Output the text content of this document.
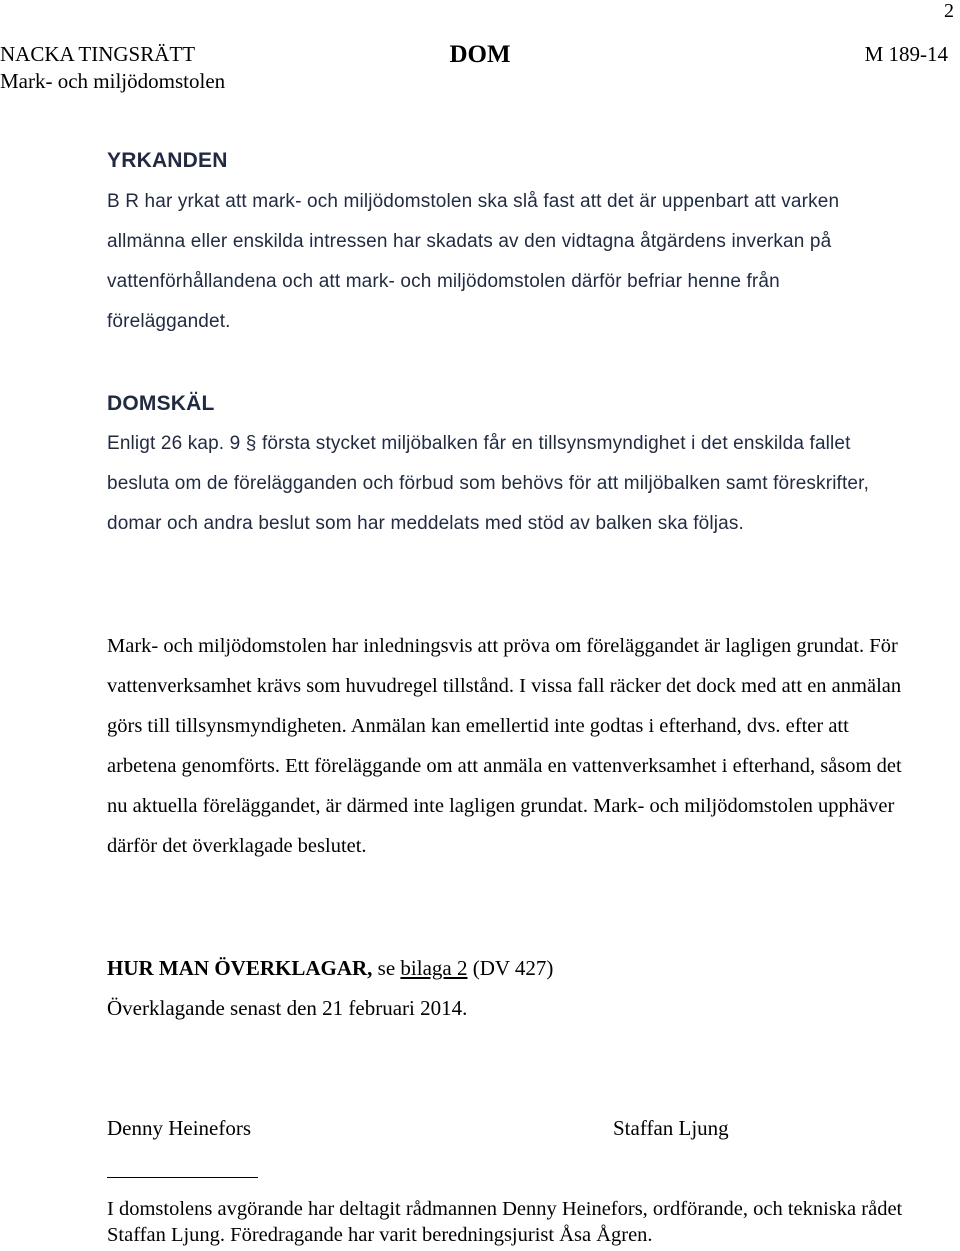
2
NACKA TINGSRÄTT
Mark- och miljödomstolen
DOM	M 189-14
YRKANDEN

B R har yrkat att mark- och miljödomstolen ska slå fast att det är uppenbart att varken allmänna eller enskilda intressen har skadats av den vidtagna åtgärdens inverkan på vattenförhållandena och att mark- och miljödomstolen därför befriar henne från föreläggandet.

DOMSKÄL

Enligt 26 kap. 9 § första stycket miljöbalken får en tillsynsmyndighet i det enskilda fallet besluta om de förelägganden och förbud som behövs för att miljöbalken samt föreskrifter, domar och andra beslut som har meddelats med stöd av balken ska följas.

Mark- och miljödomstolen har inledningsvis att pröva om föreläggandet är lagligen grundat. För vattenverksamhet krävs som huvudregel tillstånd. I vissa fall räcker det dock med att en anmälan görs till tillsynsmyndigheten. Anmälan kan emellertid inte godtas i efterhand, dvs. efter att arbetena genomförts. Ett föreläggande om att anmäla en vattenverksamhet i efterhand, såsom det nu aktuella föreläggandet, är därmed inte lagligen grundat. Mark- och miljödomstolen upphäver därför det överklagade beslutet.

HUR MAN ÖVERKLAGAR, se bilaga 2 (DV 427)
Överklagande senast den 21 februari 2014.
Denny Heinefors	Staffan Ljung

I domstolens avgörande har deltagit rådmannen Denny Heinefors, ordförande, och tekniska rådet Staffan Ljung. Föredragande har varit beredningsjurist Åsa Ågren.
